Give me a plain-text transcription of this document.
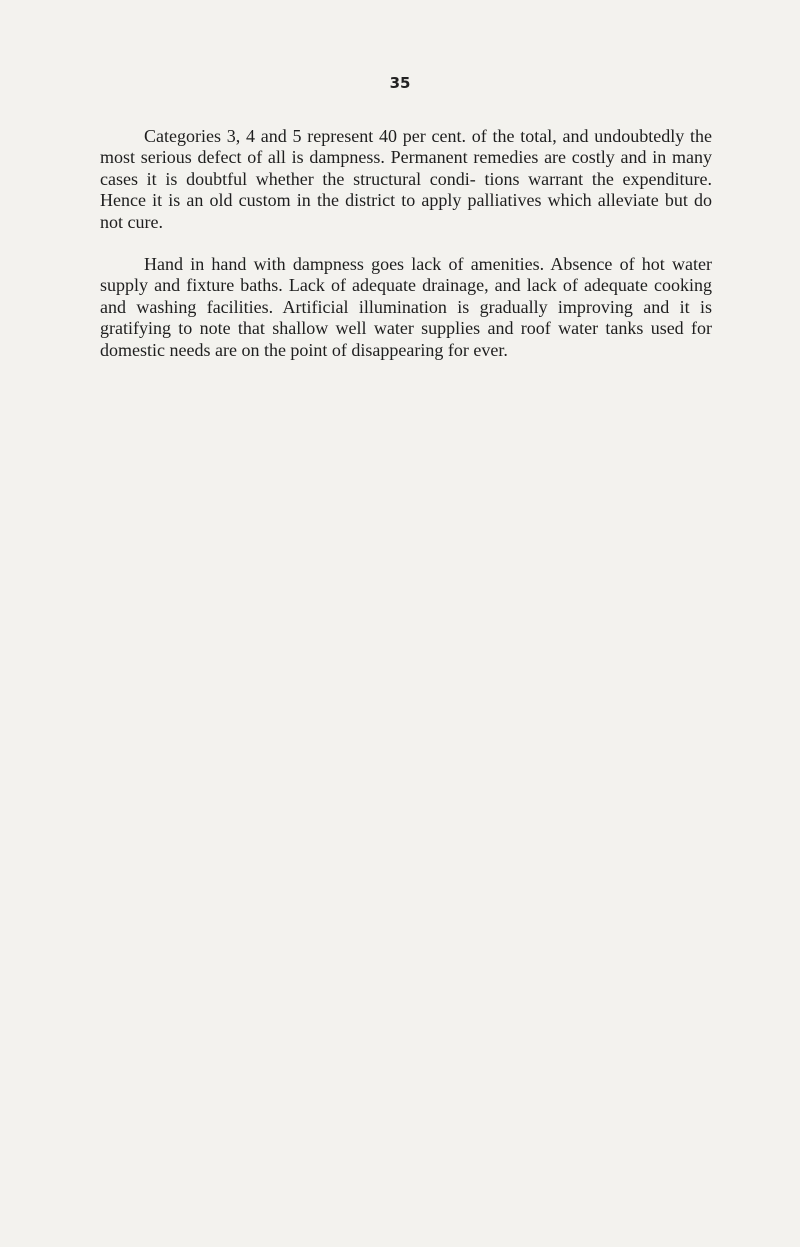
35

Categories 3, 4 and 5 represent 40 per cent. of the total, and undoubtedly the most serious defect of all is dampness. Permanent remedies are costly and in many cases it is doubtful whether the structural condi- tions warrant the expenditure. Hence it is an old custom in the district to apply palliatives which alleviate but do not cure.

Hand in hand with dampness goes lack of amenities. Absence of hot water supply and fixture baths. Lack of adequate drainage, and lack of adequate cooking and washing facilities. Artificial illumination is gradually improving and it is gratifying to note that shallow well water supplies and roof water tanks used for domestic needs are on the point of disappearing for ever.
